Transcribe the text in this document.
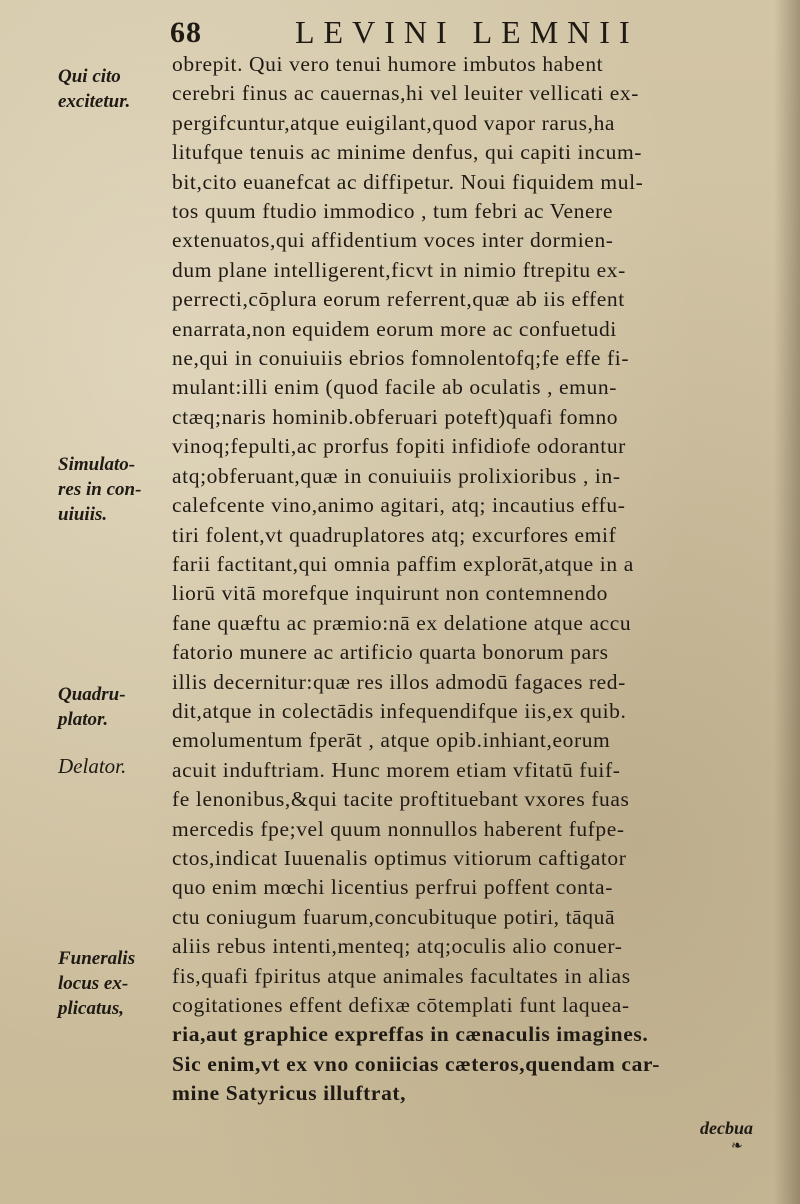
68	LEVINI LEMNII
Qui cito
excitetur.
Simulato-
res in con-
uiuiis.
Quadru-
plator.
Delator.
Funeralis
locus ex-
plicatus,
obrepit. Qui vero tenui humore imbutos habent
cerebri finus ac cauernas,hi vel leuiter vellicati ex-
pergifcuntur,atque euigilant,quod vapor rarus,ha
litufque tenuis ac minime denfus, qui capiti incum-
bit,cito euanefcat ac diffipetur. Noui fiquidem mul-
tos quum ftudio immodico , tum febri ac Venere
extenuatos,qui affidentium voces inter dormien-
dum plane intelligerent,ficvt in nimio ftrepitu ex-
perrecti,cōplura eorum referrent,quæ ab iis effent
enarrata,non equidem eorum more ac confuetudi
ne,qui in conuiuiis ebrios fomnolentofq;fe effe fi-
mulant:illi enim (quod facile ab oculatis , emun-
ctæq;naris hominib.obferuari poteft)quafi fomno
vinoq;fepulti,ac prorfus fopiti infidiofe odorantur
atq;obferuant,quæ in conuiuiis prolixioribus , in-
calefcente vino,animo agitari, atq; incautius effu-
tiri folent,vt quadruplatores atq; excurfores emif
farii factitant,qui omnia paffim explorāt,atque in a
liorū vitā morefque inquirunt non contemnendo
fane quæftu ac præmio:nā ex delatione atque accu
fatorio munere ac artificio quarta bonorum pars
illis decernitur:quæ res illos admodū fagaces red-
dit,atque in colectādis infequendifque iis,ex quib.
emolumentum fperāt , atque opib.inhiant,eorum
acuit induftriam. Hunc morem etiam vfitatū fuif-
fe lenonibus,&qui tacite proftituebant vxores fuas
mercedis fpe;vel quum nonnullos haberent fufpe-
ctos,indicat Iuuenalis optimus vitiorum caftigator
quo enim mœchi licentius perfrui poffent conta-
ctu coniugum fuarum,concubituque potiri, tāquā
aliis rebus intenti,menteq; atq;oculis alio conuer-
fis,quafi fpiritus atque animales facultates in alias
cogitationes effent defixæ cōtemplati funt laquea-
ria,aut graphice expreffas in cænaculis imagines.
Sic enim,vt ex vno coniicias cæteros,quendam car-
mine Satyricus illuftrat,
decbua
❧
